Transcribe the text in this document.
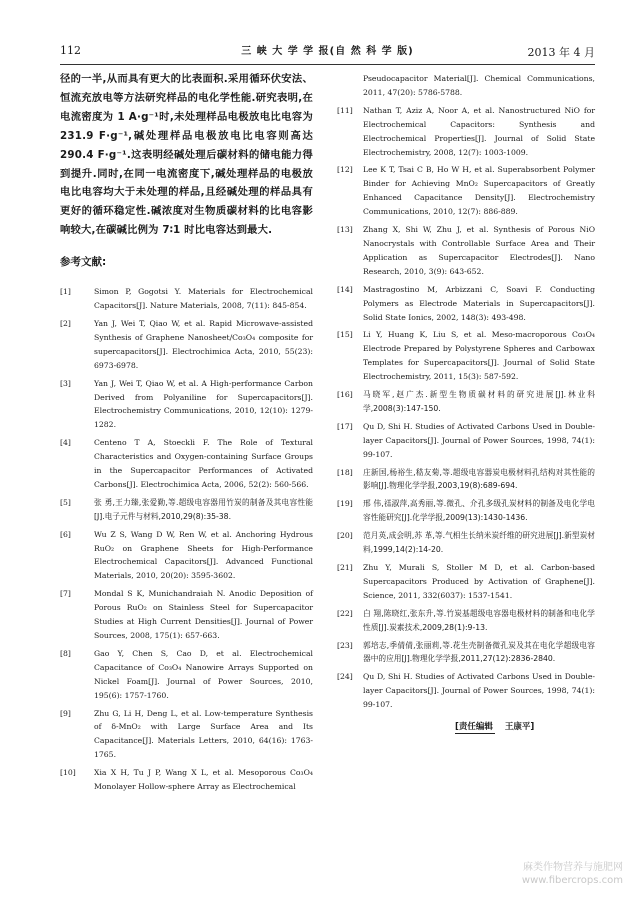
112	三 峡 大 学 学 报(自 然 科 学 版)	2013 年 4 月

径的一半,从而具有更大的比表面积.采用循环伏安法、恒流充放电等方法研究样品的电化学性能.研究表明,在电流密度为 1 A·g⁻¹时,未处理样品电极放电比电容为 231.9 F·g⁻¹,碱处理样品电极放电比电容则高达 290.4 F·g⁻¹.这表明经碱处理后碳材料的储电能力得到提升.同时,在同一电流密度下,碱处理样品的电极放电比电容均大于未处理的样品,且经碱处理的样品具有更好的循环稳定性.碱浓度对生物质碳材料的比电容影响较大,在碳碱比例为 7∶1 时比电容达到最大.

参考文献:
[1]	Simon P, Gogotsi Y. Materials for Electrochemical Capacitors[J]. Nature Materials, 2008, 7(11): 845-854.
[2]	Yan J, Wei T, Qiao W, et al. Rapid Microwave-assisted Synthesis of Graphene Nanosheet/Co₃O₄ composite for supercapacitors[J]. Electrochimica Acta, 2010, 55(23): 6973-6978.
[3]	Yan J, Wei T, Qiao W, et al. A High-performance Carbon Derived from Polyaniline for Supercapacitors[J]. Electrochemistry Communications, 2010, 12(10): 1279-1282.
[4]	Centeno T A, Stoeckli F. The Role of Textural Characteristics and Oxygen-containing Surface Groups in the Supercapacitor Performances of Activated Carbons[J]. Electrochimica Acta, 2006, 52(2): 560-566.
[5]	张 勇,王力臻,张爱勤,等.超级电容器用竹炭的制备及其电容性能[J].电子元件与材料,2010,29(8):35-38.
[6]	Wu Z S, Wang D W, Ren W, et al. Anchoring Hydrous RuO₂ on Graphene Sheets for High-Performance Electrochemical Capacitors[J]. Advanced Functional Materials, 2010, 20(20): 3595-3602.
[7]	Mondal S K, Munichandraiah N. Anodic Deposition of Porous RuO₂ on Stainless Steel for Supercapacitor Studies at High Current Densities[J]. Journal of Power Sources, 2008, 175(1): 657-663.
[8]	Gao Y, Chen S, Cao D, et al. Electrochemical Capacitance of Co₃O₄ Nanowire Arrays Supported on Nickel Foam[J]. Journal of Power Sources, 2010, 195(6): 1757-1760.
[9]	Zhu G, Li H, Deng L, et al. Low-temperature Synthesis of δ-MnO₂ with Large Surface Area and Its Capacitance[J]. Materials Letters, 2010, 64(16): 1763-1765.
[10]	Xia X H, Tu J P, Wang X L, et al. Mesoporous Co₃O₄ Monolayer Hollow-sphere Array as Electrochemical
Pseudocapacitor Material[J]. Chemical Communications, 2011, 47(20): 5786-5788.
[11]	Nathan T, Aziz A, Noor A, et al. Nanostructured NiO for Electrochemical Capacitors: Synthesis and Electrochemical Properties[J]. Journal of Solid State Electrochemistry, 2008, 12(7): 1003-1009.
[12]	Lee K T, Tsai C B, Ho W H, et al. Superabsorbent Polymer Binder for Achieving MnO₂ Supercapacitors of Greatly Enhanced Capacitance Density[J]. Electrochemistry Communications, 2010, 12(7): 886-889.
[13]	Zhang X, Shi W, Zhu J, et al. Synthesis of Porous NiO Nanocrystals with Controllable Surface Area and Their Application as Supercapacitor Electrodes[J]. Nano Research, 2010, 3(9): 643-652.
[14]	Mastragostino M, Arbizzani C, Soavi F. Conducting Polymers as Electrode Materials in Supercapacitors[J]. Solid State Ionics, 2002, 148(3): 493-498.
[15]	Li Y, Huang K, Liu S, et al. Meso-macroporous Co₃O₄ Electrode Prepared by Polystyrene Spheres and Carbowax Templates for Supercapacitors[J]. Journal of Solid State Electrochemistry, 2011, 15(3): 587-592.
[16]	马晓军,赵广杰.新型生物质碳材料的研究进展[J].林业科学,2008(3):147-150.
[17]	Qu D, Shi H. Studies of Activated Carbons Used in Double-layer Capacitors[J]. Journal of Power Sources, 1998, 74(1): 99-107.
[18]	庄新国,杨裕生,嵇友菊,等.超级电容器炭电极材料孔结构对其性能的影响[J].物理化学学报,2003,19(8):689-694.
[19]	邢 伟,禚淑萍,高秀丽,等.微孔、介孔多级孔炭材料的制备及电化学电容性能研究[J].化学学报,2009(13):1430-1436.
[20]	范月英,成会明,苏 革,等.气相生长纳米炭纤维的研究进展[J].新型炭材料,1999,14(2):14-20.
[21]	Zhu Y, Murali S, Stoller M D, et al. Carbon-based Supercapacitors Produced by Activation of Graphene[J]. Science, 2011, 332(6037): 1537-1541.
[22]	白 翔,陈晓红,张东升,等.竹炭基超级电容器电极材料的制备和电化学性质[J].炭素技术,2009,28(1):9-13.
[23]	郭培志,季倩倩,张丽莉,等.花生壳制备微孔炭及其在电化学超级电容器中的应用[J].物理化学学报,2011,27(12):2836-2840.
[24]	Qu D, Shi H. Studies of Activated Carbons Used in Double-layer Capacitors[J]. Journal of Power Sources, 1998, 74(1): 99-107.
[责任编辑 王康平]
麻类作物营养与施肥网
www.fibercrops.com
